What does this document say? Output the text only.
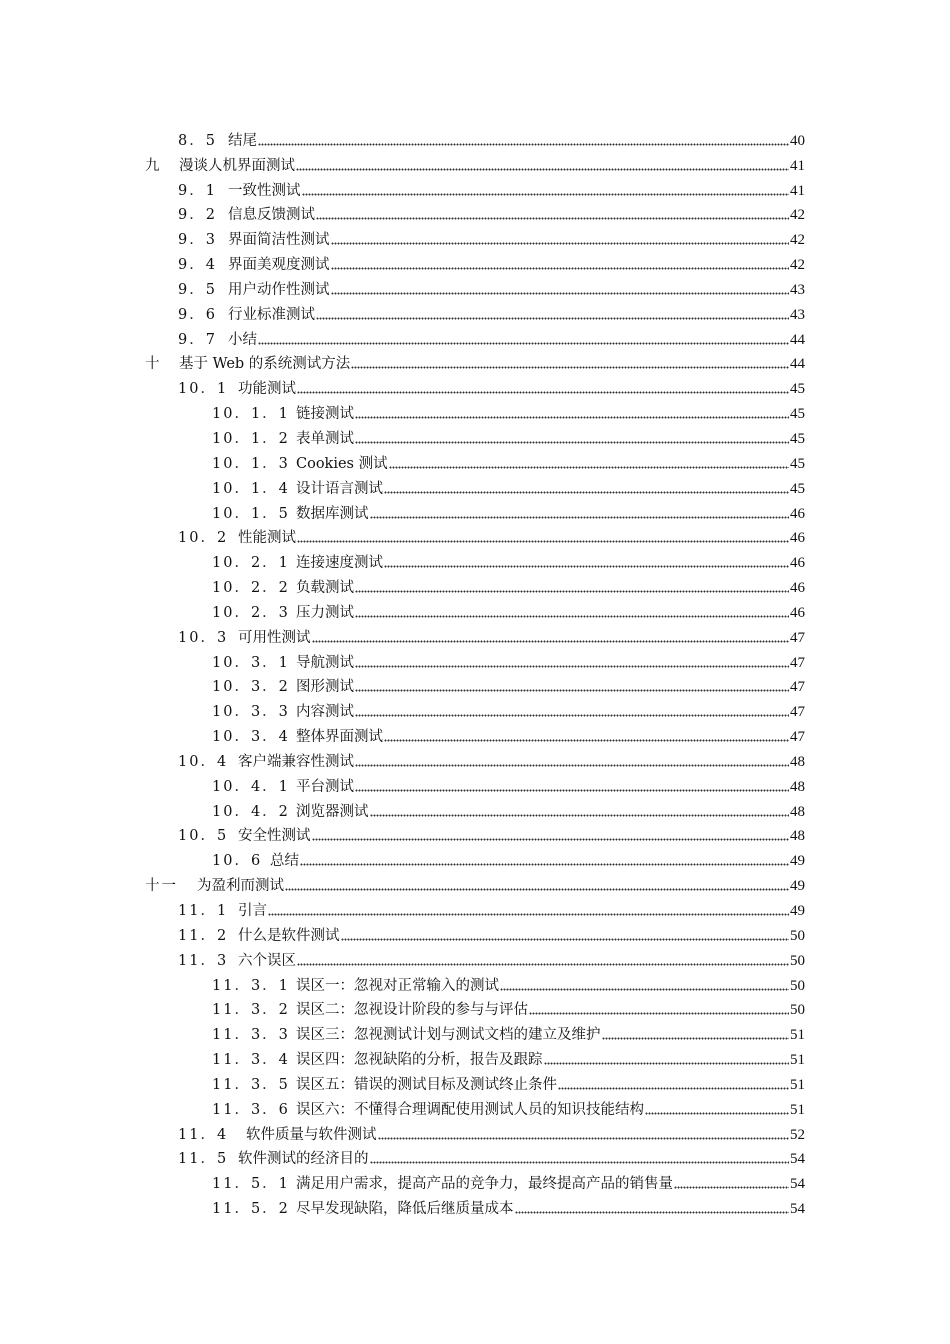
8．5 结尾	40
九	漫谈人机界面测试	41
9．1 一致性测试	41
9．2 信息反馈测试	42
9．3 界面简洁性测试	42
9．4 界面美观度测试	42
9．5 用户动作性测试	43
9．6 行业标准测试	43
9．7 小结	44
十	基于 Web 的系统测试方法	44
10．1 功能测试	45
10．1．1 链接测试	45
10．1．2 表单测试	45
10．1．3 Cookies 测试	45
10．1．4 设计语言测试	45
10．1．5 数据库测试	46
10．2 性能测试	46
10．2．1 连接速度测试	46
10．2．2 负载测试	46
10．2．3 压力测试	46
10．3 可用性测试	47
10．3．1 导航测试	47
10．3．2 图形测试	47
10．3．3 内容测试	47
10．3．4 整体界面测试	47
10．4 客户端兼容性测试	48
10．4．1 平台测试	48
10．4．2 浏览器测试	48
10．5 安全性测试	48
10．6 总结	49
十一	为盈利而测试	49
11．1 引言	49
11．2 什么是软件测试	50
11．3 六个误区	50
11．3．1 误区一：忽视对正常输入的测试	50
11．3．2 误区二：忽视设计阶段的参与与评估	50
11．3．3 误区三：忽视测试计划与测试文档的建立及维护	51
11．3．4 误区四：忽视缺陷的分析，报告及跟踪	51
11．3．5 误区五：错误的测试目标及测试终止条件	51
11．3．6 误区六：不懂得合理调配使用测试人员的知识技能结构	51
11．4	软件质量与软件测试	52
11．5 软件测试的经济目的	54
11．5．1 满足用户需求，提高产品的竞争力，最终提高产品的销售量	54
11．5．2 尽早发现缺陷，降低后继质量成本	54
